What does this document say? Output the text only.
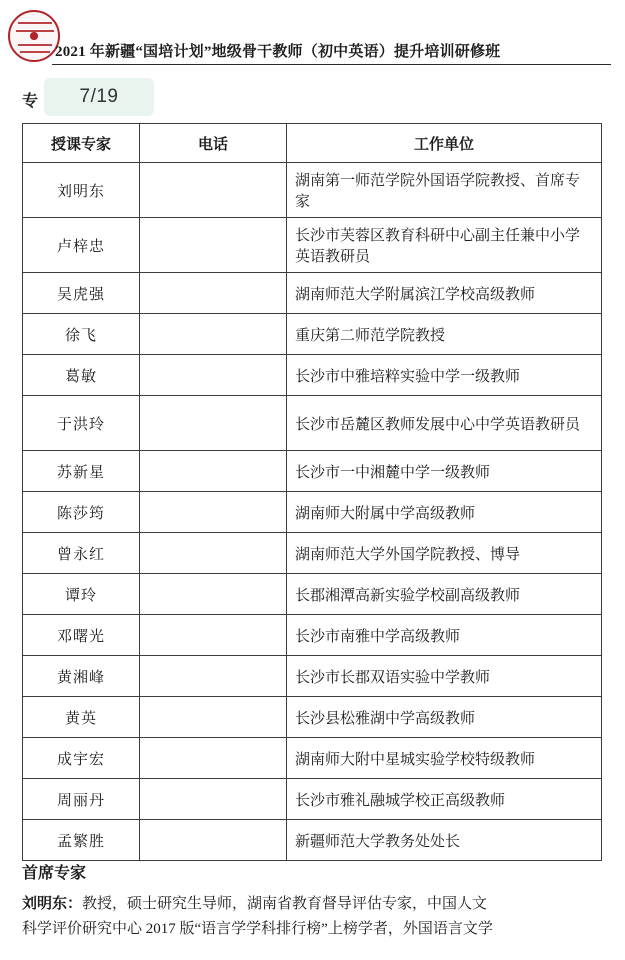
2021 年新疆“国培计划”地级骨干教师（初中英语）提升培训研修班
专	7/19
授课专家	电话	工作单位
刘明东		湖南第一师范学院外国语学院教授、首席专家
卢梓忠		长沙市芙蓉区教育科研中心副主任兼中小学英语教研员
吴虎强		湖南师范大学附属滨江学校高级教师
徐飞		重庆第二师范学院教授
葛敏		长沙市中雅培粹实验中学一级教师
于洪玲		长沙市岳麓区教师发展中心中学英语教研员
苏新星		长沙市一中湘麓中学一级教师
陈莎筠		湖南师大附属中学高级教师
曾永红		湖南师范大学外国学院教授、博导
谭玲		长郡湘潭高新实验学校副高级教师
邓曙光		长沙市南雅中学高级教师
黄湘峰		长沙市长郡双语实验中学教师
黄英		长沙县松雅湖中学高级教师
成宇宏		湖南师大附中星城实验学校特级教师
周丽丹		长沙市雅礼融城学校正高级教师
孟繁胜		新疆师范大学教务处处长
首席专家
刘明东：教授，硕士研究生导师，湖南省教育督导评估专家，中国人文
科学评价研究中心 2017 版“语言学学科排行榜”上榜学者，外国语言文学
